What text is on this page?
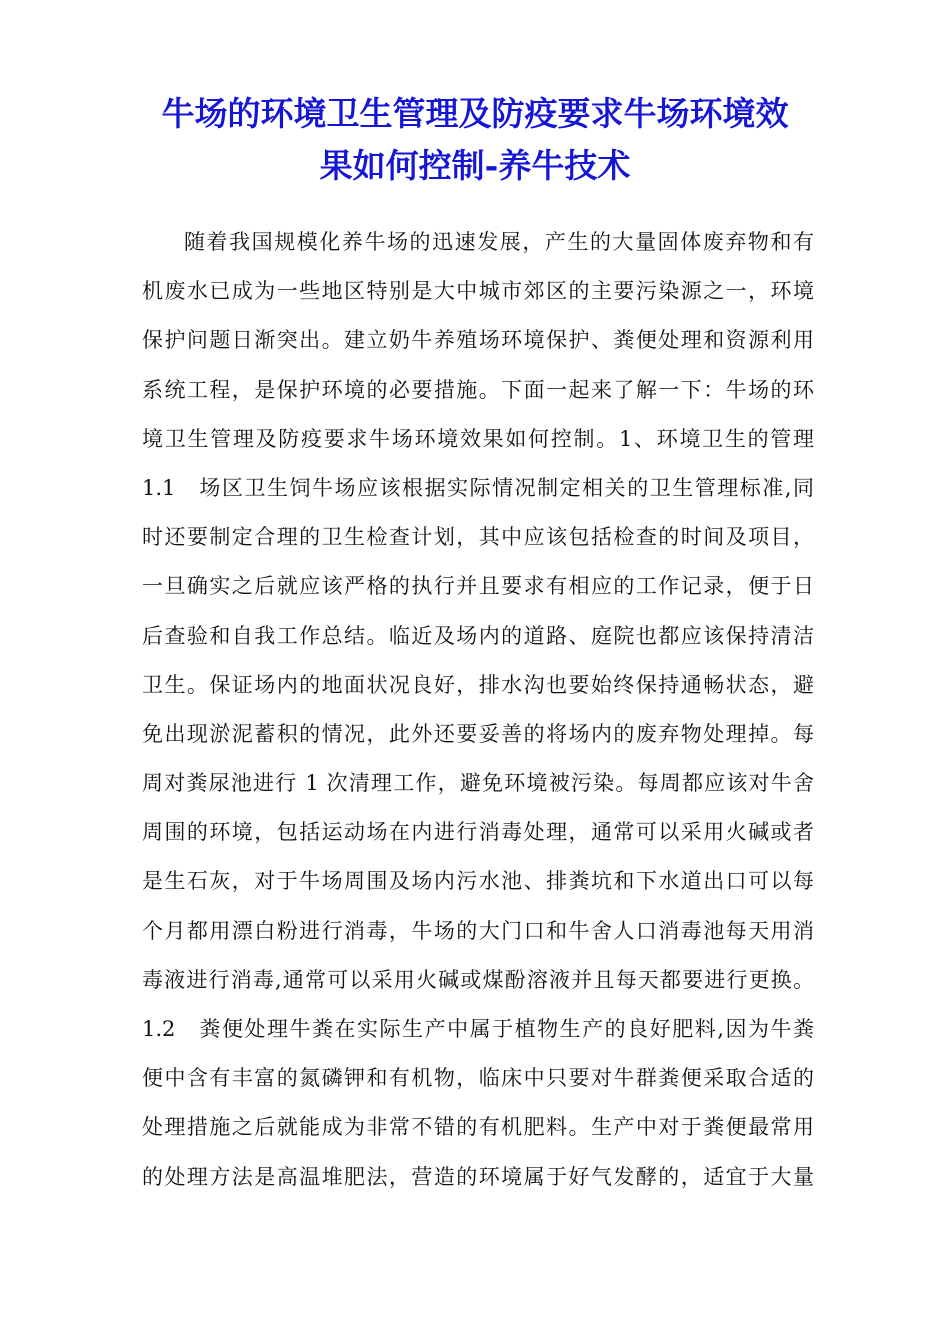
牛场的环境卫生管理及防疫要求牛场环境效
果如何控制-养牛技术
随着我国规模化养牛场的迅速发展，产生的大量固体废弃物和有
机废水已成为一些地区特别是大中城市郊区的主要污染源之一，环境
保护问题日渐突出。建立奶牛养殖场环境保护、粪便处理和资源利用
系统工程，是保护环境的必要措施。下面一起来了解一下：牛场的环
境卫生管理及防疫要求牛场环境效果如何控制。1、环境卫生的管理
1.1　场区卫生饲牛场应该根据实际情况制定相关的卫生管理标准,同
时还要制定合理的卫生检查计划，其中应该包括检查的时间及项目，
一旦确实之后就应该严格的执行并且要求有相应的工作记录，便于日
后查验和自我工作总结。临近及场内的道路、庭院也都应该保持清洁
卫生。保证场内的地面状况良好，排水沟也要始终保持通畅状态，避
免出现淤泥蓄积的情况，此外还要妥善的将场内的废弃物处理掉。每
周对粪尿池进行 1 次清理工作，避免环境被污染。每周都应该对牛舍
周围的环境，包括运动场在内进行消毒处理，通常可以采用火碱或者
是生石灰，对于牛场周围及场内污水池、排粪坑和下水道出口可以每
个月都用漂白粉进行消毒，牛场的大门口和牛舍人口消毒池每天用消
毒液进行消毒,通常可以采用火碱或煤酚溶液并且每天都要进行更换。
1.2　粪便处理牛粪在实际生产中属于植物生产的良好肥料,因为牛粪
便中含有丰富的氮磷钾和有机物，临床中只要对牛群粪便采取合适的
处理措施之后就能成为非常不错的有机肥料。生产中对于粪便最常用
的处理方法是高温堆肥法，营造的环境属于好气发酵的，适宜于大量
